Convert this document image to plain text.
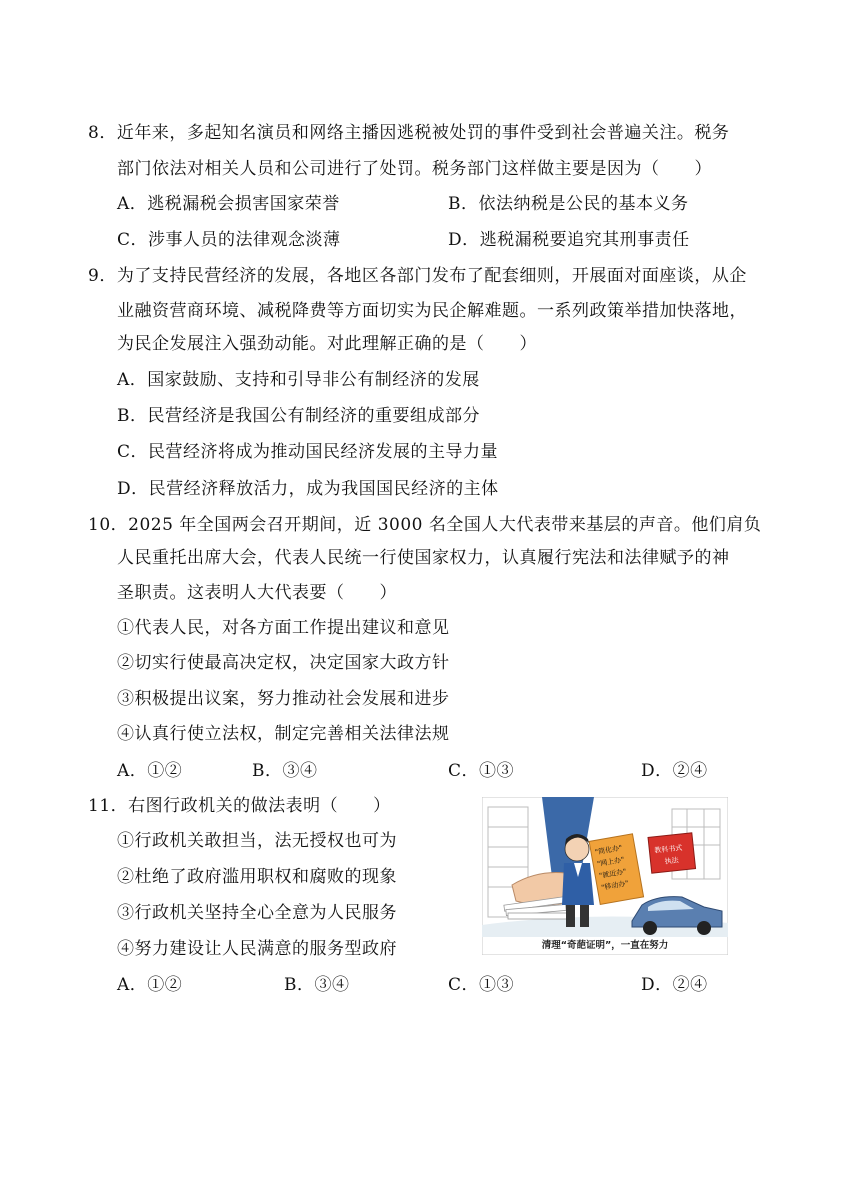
8．近年来，多起知名演员和网络主播因逃税被处罚的事件受到社会普遍关注。税务
部门依法对相关人员和公司进行了处罚。税务部门这样做主要是因为（　　）
A．逃税漏税会损害国家荣誉	B．依法纳税是公民的基本义务
C．涉事人员的法律观念淡薄	D．逃税漏税要追究其刑事责任
9．为了支持民营经济的发展，各地区各部门发布了配套细则，开展面对面座谈，从企
业融资营商环境、减税降费等方面切实为民企解难题。一系列政策举措加快落地，
为民企发展注入强劲动能。对此理解正确的是（　　）
A．国家鼓励、支持和引导非公有制经济的发展
B．民营经济是我国公有制经济的重要组成部分
C．民营经济将成为推动国民经济发展的主导力量
D．民营经济释放活力，成为我国国民经济的主体
10．2025 年全国两会召开期间，近 3000 名全国人大代表带来基层的声音。他们肩负
人民重托出席大会，代表人民统一行使国家权力，认真履行宪法和法律赋予的神
圣职责。这表明人大代表要（　　）
①代表人民，对各方面工作提出建议和意见
②切实行使最高决定权，决定国家大政方针
③积极提出议案，努力推动社会发展和进步
④认真行使立法权，制定完善相关法律法规
A．①②	B．③④	C．①③	D．②④
11．右图行政机关的做法表明（　　）
①行政机关敢担当，法无授权也可为
②杜绝了政府滥用职权和腐败的现象
③行政机关坚持全心全意为人民服务
④努力建设让人民满意的服务型政府
A．①②	B．③④	C．①③	D．②④
"简化办"
"网上办"
"就近办"
"移动办"
教科书式
执法
清理“奇葩证明”，一直在努力
